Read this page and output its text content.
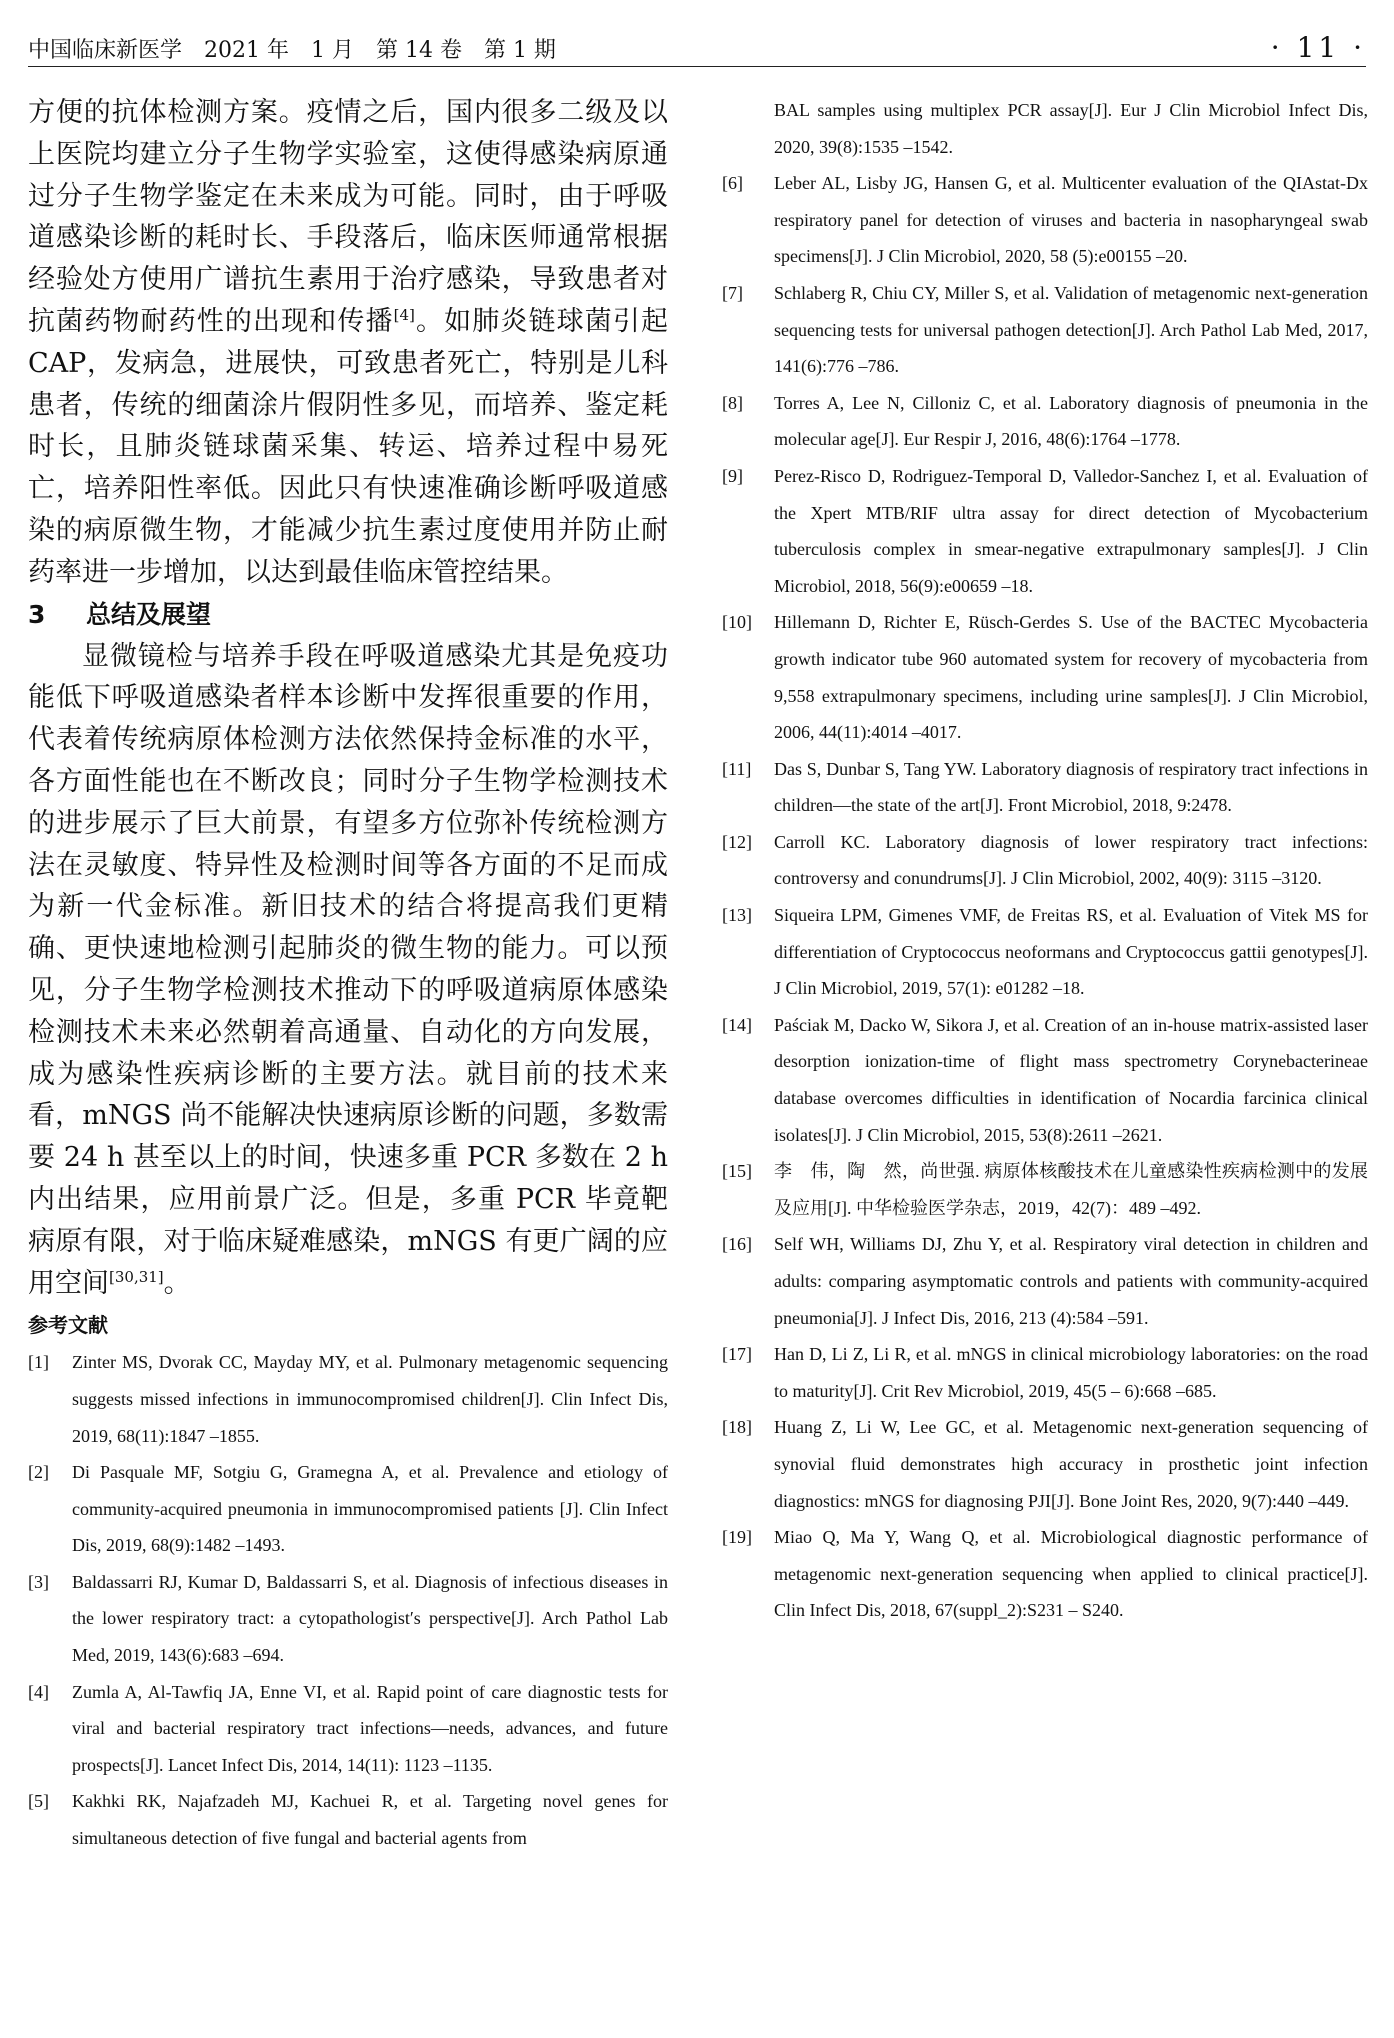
中国临床新医学　2021 年　1 月　第 14 卷　第 1 期	· 11 ·

方便的抗体检测方案。疫情之后，国内很多二级及以上医院均建立分子生物学实验室，这使得感染病原通过分子生物学鉴定在未来成为可能。同时，由于呼吸道感染诊断的耗时长、手段落后，临床医师通常根据经验处方使用广谱抗生素用于治疗感染，导致患者对抗菌药物耐药性的出现和传播[4]。如肺炎链球菌引起 CAP，发病急，进展快，可致患者死亡，特别是儿科患者，传统的细菌涂片假阴性多见，而培养、鉴定耗时长，且肺炎链球菌采集、转运、培养过程中易死亡，培养阳性率低。因此只有快速准确诊断呼吸道感染的病原微生物，才能减少抗生素过度使用并防止耐药率进一步增加，以达到最佳临床管控结果。

3 总结及展望

显微镜检与培养手段在呼吸道感染尤其是免疫功能低下呼吸道感染者样本诊断中发挥很重要的作用，代表着传统病原体检测方法依然保持金标准的水平，各方面性能也在不断改良；同时分子生物学检测技术的进步展示了巨大前景，有望多方位弥补传统检测方法在灵敏度、特异性及检测时间等各方面的不足而成为新一代金标准。新旧技术的结合将提高我们更精确、更快速地检测引起肺炎的微生物的能力。可以预见，分子生物学检测技术推动下的呼吸道病原体感染检测技术未来必然朝着高通量、自动化的方向发展，成为感染性疾病诊断的主要方法。就目前的技术来看，mNGS 尚不能解决快速病原诊断的问题，多数需要 24 h 甚至以上的时间，快速多重 PCR 多数在 2 h 内出结果，应用前景广泛。但是，多重 PCR 毕竟靶病原有限，对于临床疑难感染，mNGS 有更广阔的应用空间[30,31]。

参考文献
[1] Zinter MS, Dvorak CC, Mayday MY, et al. Pulmonary metagenomic sequencing suggests missed infections in immunocompromised children[J]. Clin Infect Dis, 2019, 68(11):1847 –1855.
[2] Di Pasquale MF, Sotgiu G, Gramegna A, et al. Prevalence and etiology of community-acquired pneumonia in immunocompromised patients [J]. Clin Infect Dis, 2019, 68(9):1482 –1493.
[3] Baldassarri RJ, Kumar D, Baldassarri S, et al. Diagnosis of infectious diseases in the lower respiratory tract: a cytopathologist′s perspective[J]. Arch Pathol Lab Med, 2019, 143(6):683 –694.
[4] Zumla A, Al-Tawfiq JA, Enne VI, et al. Rapid point of care diagnostic tests for viral and bacterial respiratory tract infections—needs, advances, and future prospects[J]. Lancet Infect Dis, 2014, 14(11): 1123 –1135.
[5] Kakhki RK, Najafzadeh MJ, Kachuei R, et al. Targeting novel genes for simultaneous detection of five fungal and bacterial agents from
BAL samples using multiplex PCR assay[J]. Eur J Clin Microbiol Infect Dis, 2020, 39(8):1535 –1542.
[6] Leber AL, Lisby JG, Hansen G, et al. Multicenter evaluation of the QIAstat-Dx respiratory panel for detection of viruses and bacteria in nasopharyngeal swab specimens[J]. J Clin Microbiol, 2020, 58 (5):e00155 –20.
[7] Schlaberg R, Chiu CY, Miller S, et al. Validation of metagenomic next-generation sequencing tests for universal pathogen detection[J]. Arch Pathol Lab Med, 2017, 141(6):776 –786.
[8] Torres A, Lee N, Cilloniz C, et al. Laboratory diagnosis of pneumonia in the molecular age[J]. Eur Respir J, 2016, 48(6):1764 –1778.
[9] Perez-Risco D, Rodriguez-Temporal D, Valledor-Sanchez I, et al. Evaluation of the Xpert MTB/RIF ultra assay for direct detection of Mycobacterium tuberculosis complex in smear-negative extrapulmonary samples[J]. J Clin Microbiol, 2018, 56(9):e00659 –18.
[10] Hillemann D, Richter E, Rüsch-Gerdes S. Use of the BACTEC Mycobacteria growth indicator tube 960 automated system for recovery of mycobacteria from 9,558 extrapulmonary specimens, including urine samples[J]. J Clin Microbiol, 2006, 44(11):4014 –4017.
[11] Das S, Dunbar S, Tang YW. Laboratory diagnosis of respiratory tract infections in children—the state of the art[J]. Front Microbiol, 2018, 9:2478.
[12] Carroll KC. Laboratory diagnosis of lower respiratory tract infections: controversy and conundrums[J]. J Clin Microbiol, 2002, 40(9): 3115 –3120.
[13] Siqueira LPM, Gimenes VMF, de Freitas RS, et al. Evaluation of Vitek MS for differentiation of Cryptococcus neoformans and Cryptococcus gattii genotypes[J]. J Clin Microbiol, 2019, 57(1): e01282 –18.
[14] Paściak M, Dacko W, Sikora J, et al. Creation of an in-house matrix-assisted laser desorption ionization-time of flight mass spectrometry Corynebacterineae database overcomes difficulties in identification of Nocardia farcinica clinical isolates[J]. J Clin Microbiol, 2015, 53(8):2611 –2621.
[15] 李　伟，陶　然，尚世强. 病原体核酸技术在儿童感染性疾病检测中的发展及应用[J]. 中华检验医学杂志，2019，42(7)：489 –492.
[16] Self WH, Williams DJ, Zhu Y, et al. Respiratory viral detection in children and adults: comparing asymptomatic controls and patients with community-acquired pneumonia[J]. J Infect Dis, 2016, 213 (4):584 –591.
[17] Han D, Li Z, Li R, et al. mNGS in clinical microbiology laboratories: on the road to maturity[J]. Crit Rev Microbiol, 2019, 45(5 – 6):668 –685.
[18] Huang Z, Li W, Lee GC, et al. Metagenomic next-generation sequencing of synovial fluid demonstrates high accuracy in prosthetic joint infection diagnostics: mNGS for diagnosing PJI[J]. Bone Joint Res, 2020, 9(7):440 –449.
[19] Miao Q, Ma Y, Wang Q, et al. Microbiological diagnostic performance of metagenomic next-generation sequencing when applied to clinical practice[J]. Clin Infect Dis, 2018, 67(suppl_2):S231 – S240.
